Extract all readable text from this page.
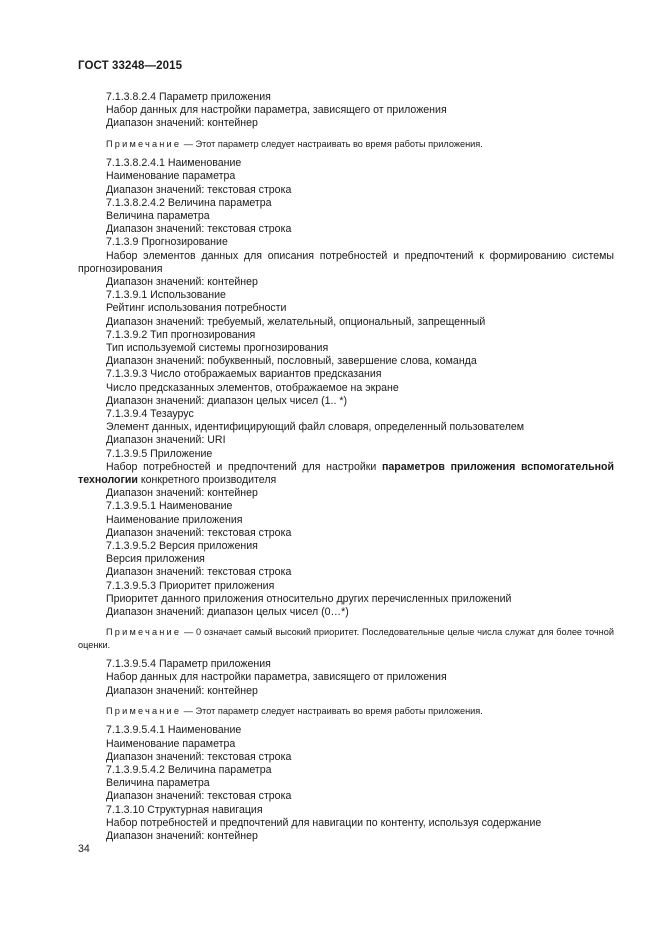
ГОСТ 33248—2015

7.1.3.8.2.4 Параметр приложения

Набор данных для настройки параметра, зависящего от приложения

Диапазон значений: контейнер

Примечание — Этот параметр следует настраивать во время работы приложения.

7.1.3.8.2.4.1 Наименование

Наименование параметра

Диапазон значений: текстовая строка

7.1.3.8.2.4.2 Величина параметра

Величина параметра

Диапазон значений: текстовая строка

7.1.3.9 Прогнозирование

Набор элементов данных для описания потребностей и предпочтений к формированию системы прогнозирования

Диапазон значений: контейнер

7.1.3.9.1 Использование

Рейтинг использования потребности

Диапазон значений: требуемый, желательный, опциональный, запрещенный

7.1.3.9.2 Тип прогнозирования

Тип используемой системы прогнозирования

Диапазон значений: побуквенный, пословный, завершение слова, команда

7.1.3.9.3 Число отображаемых вариантов предсказания

Число предсказанных элементов, отображаемое на экране

Диапазон значений: диапазон целых чисел (1.. *)

7.1.3.9.4 Тезаурус

Элемент данных, идентифицирующий файл словаря, определенный пользователем

Диапазон значений: URI

7.1.3.9.5 Приложение

Набор потребностей и предпочтений для настройки параметров приложения вспомогательной технологии конкретного производителя

Диапазон значений: контейнер

7.1.3.9.5.1 Наименование

Наименование приложения

Диапазон значений: текстовая строка

7.1.3.9.5.2 Версия приложения

Версия приложения

Диапазон значений: текстовая строка

7.1.3.9.5.3 Приоритет приложения

Приоритет данного приложения относительно других перечисленных приложений

Диапазон значений: диапазон целых чисел (0…*)

Примечание — 0 означает самый высокий приоритет. Последовательные целые числа служат для более точной оценки.

7.1.3.9.5.4 Параметр приложения

Набор данных для настройки параметра, зависящего от приложения

Диапазон значений: контейнер

Примечание — Этот параметр следует настраивать во время работы приложения.

7.1.3.9.5.4.1 Наименование

Наименование параметра

Диапазон значений: текстовая строка

7.1.3.9.5.4.2 Величина параметра

Величина параметра

Диапазон значений: текстовая строка

7.1.3.10 Структурная навигация

Набор потребностей и предпочтений для навигации по контенту, используя содержание

Диапазон значений: контейнер

34
